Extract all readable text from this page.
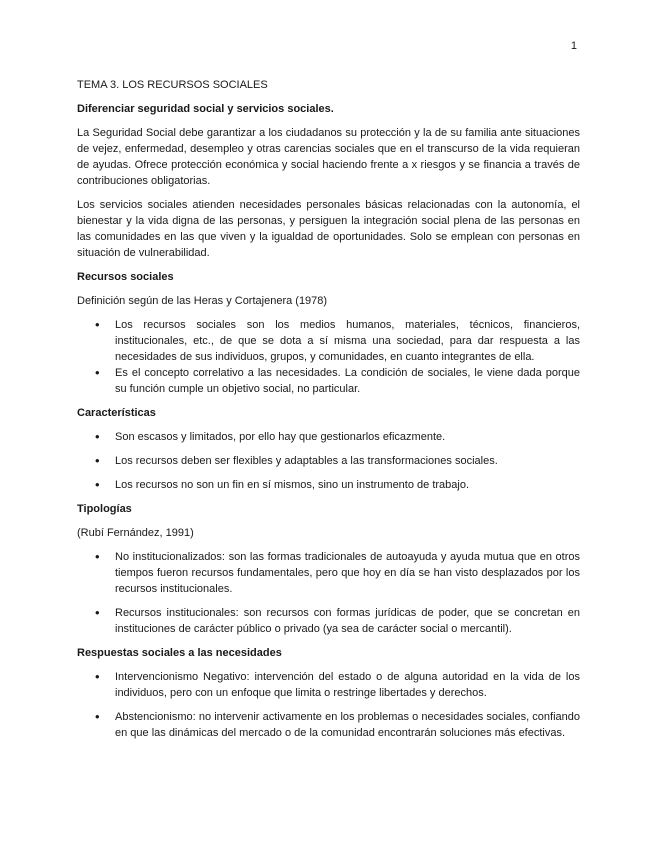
1
TEMA 3. LOS RECURSOS SOCIALES
Diferenciar seguridad social y servicios sociales.

La Seguridad Social debe garantizar a los ciudadanos su protección y la de su familia ante situaciones de vejez, enfermedad, desempleo y otras carencias sociales que en el transcurso de la vida requieran de ayudas. Ofrece protección económica y social haciendo frente a x riesgos y se financia a través de contribuciones obligatorias.

Los servicios sociales atienden necesidades personales básicas relacionadas con la autonomía, el bienestar y la vida digna de las personas, y persiguen la integración social plena de las personas en las comunidades en las que viven y la igualdad de oportunidades. Solo se emplean con personas en situación de vulnerabilidad.

Recursos sociales

Definición según de las Heras y Cortajenera (1978)

• Los recursos sociales son los medios humanos, materiales, técnicos, financieros, institucionales, etc., de que se dota a sí misma una sociedad, para dar respuesta a las necesidades de sus individuos, grupos, y comunidades, en cuanto integrantes de ella.
• Es el concepto correlativo a las necesidades. La condición de sociales, le viene dada porque su función cumple un objetivo social, no particular.
Características
• Son escasos y limitados, por ello hay que gestionarlos eficazmente.
• Los recursos deben ser flexibles y adaptables a las transformaciones sociales.
• Los recursos no son un fin en sí mismos, sino un instrumento de trabajo.
Tipologías

(Rubí Fernández, 1991)

• No institucionalizados: son las formas tradicionales de autoayuda y ayuda mutua que en otros tiempos fueron recursos fundamentales, pero que hoy en día se han visto desplazados por los recursos institucionales.
• Recursos institucionales: son recursos con formas jurídicas de poder, que se concretan en instituciones de carácter público o privado (ya sea de carácter social o mercantil).
Respuestas sociales a las necesidades
• Intervencionismo Negativo: intervención del estado o de alguna autoridad en la vida de los individuos, pero con un enfoque que limita o restringe libertades y derechos.
• Abstencionismo: no intervenir activamente en los problemas o necesidades sociales, confiando en que las dinámicas del mercado o de la comunidad encontrarán soluciones más efectivas.
